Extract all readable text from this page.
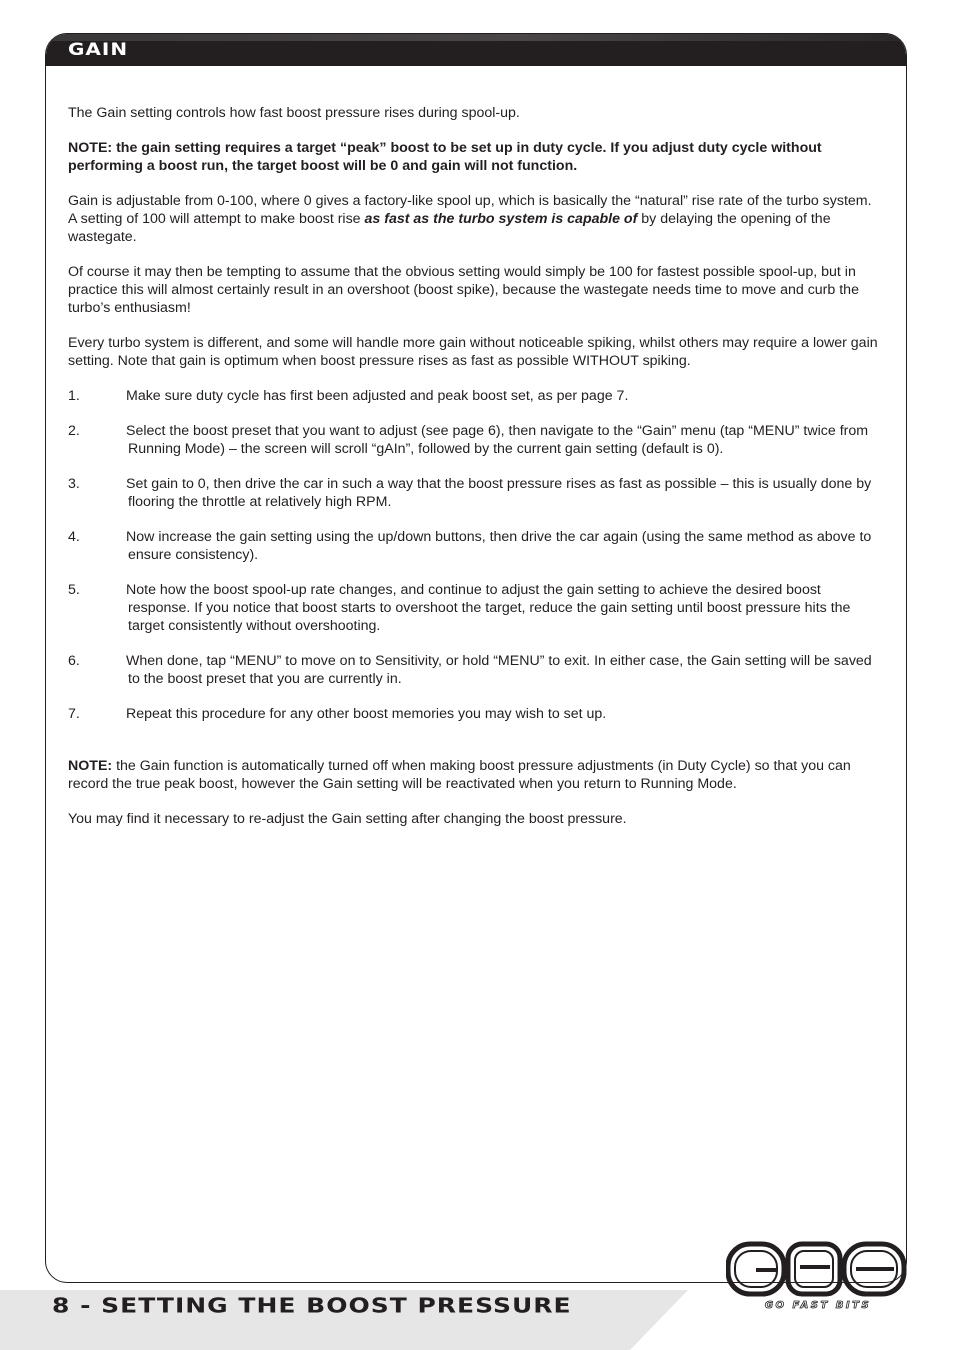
GAIN

The Gain setting controls how fast boost pressure rises during spool-up.

NOTE: the gain setting requires a target “peak” boost to be set up in duty cycle. If you adjust duty cycle without performing a boost run, the target boost will be 0 and gain will not function.

Gain is adjustable from 0-100, where 0 gives a factory-like spool up, which is basically the “natural” rise rate of the turbo system. A setting of 100 will attempt to make boost rise as fast as the turbo system is capable of by delaying the opening of the wastegate.

Of course it may then be tempting to assume that the obvious setting would simply be 100 for fastest possible spool-up, but in practice this will almost certainly result in an overshoot (boost spike), because the wastegate needs time to move and curb the turbo’s enthusiasm!

Every turbo system is different, and some will handle more gain without noticeable spiking, whilst others may require a lower gain setting. Note that gain is optimum when boost pressure rises as fast as possible WITHOUT spiking.

1.	Make sure duty cycle has first been adjusted and peak boost set, as per page 7.
2.	Select the boost preset that you want to adjust (see page 6), then navigate to the “Gain” menu (tap “MENU” twice from Running Mode) – the screen will scroll “gAIn”, followed by the current gain setting (default is 0).
3.	Set gain to 0, then drive the car in such a way that the boost pressure rises as fast as possible – this is usually done by flooring the throttle at relatively high RPM.
4.	Now increase the gain setting using the up/down buttons, then drive the car again (using the same method as above to ensure consistency).
5.	Note how the boost spool-up rate changes, and continue to adjust the gain setting to achieve the desired boost response. If you notice that boost starts to overshoot the target, reduce the gain setting until boost pressure hits the target consistently without overshooting.
6.	When done, tap “MENU” to move on to Sensitivity, or hold “MENU” to exit. In either case, the Gain setting will be saved to the boost preset that you are currently in.
7.	Repeat this procedure for any other boost memories you may wish to set up.

NOTE: the Gain function is automatically turned off when making boost pressure adjustments (in Duty Cycle) so that you can record the true peak boost, however the Gain setting will be reactivated when you return to Running Mode.

You may find it necessary to re-adjust the Gain setting after changing the boost pressure.

8 - SETTING THE BOOST PRESSURE	GO FAST BITS
